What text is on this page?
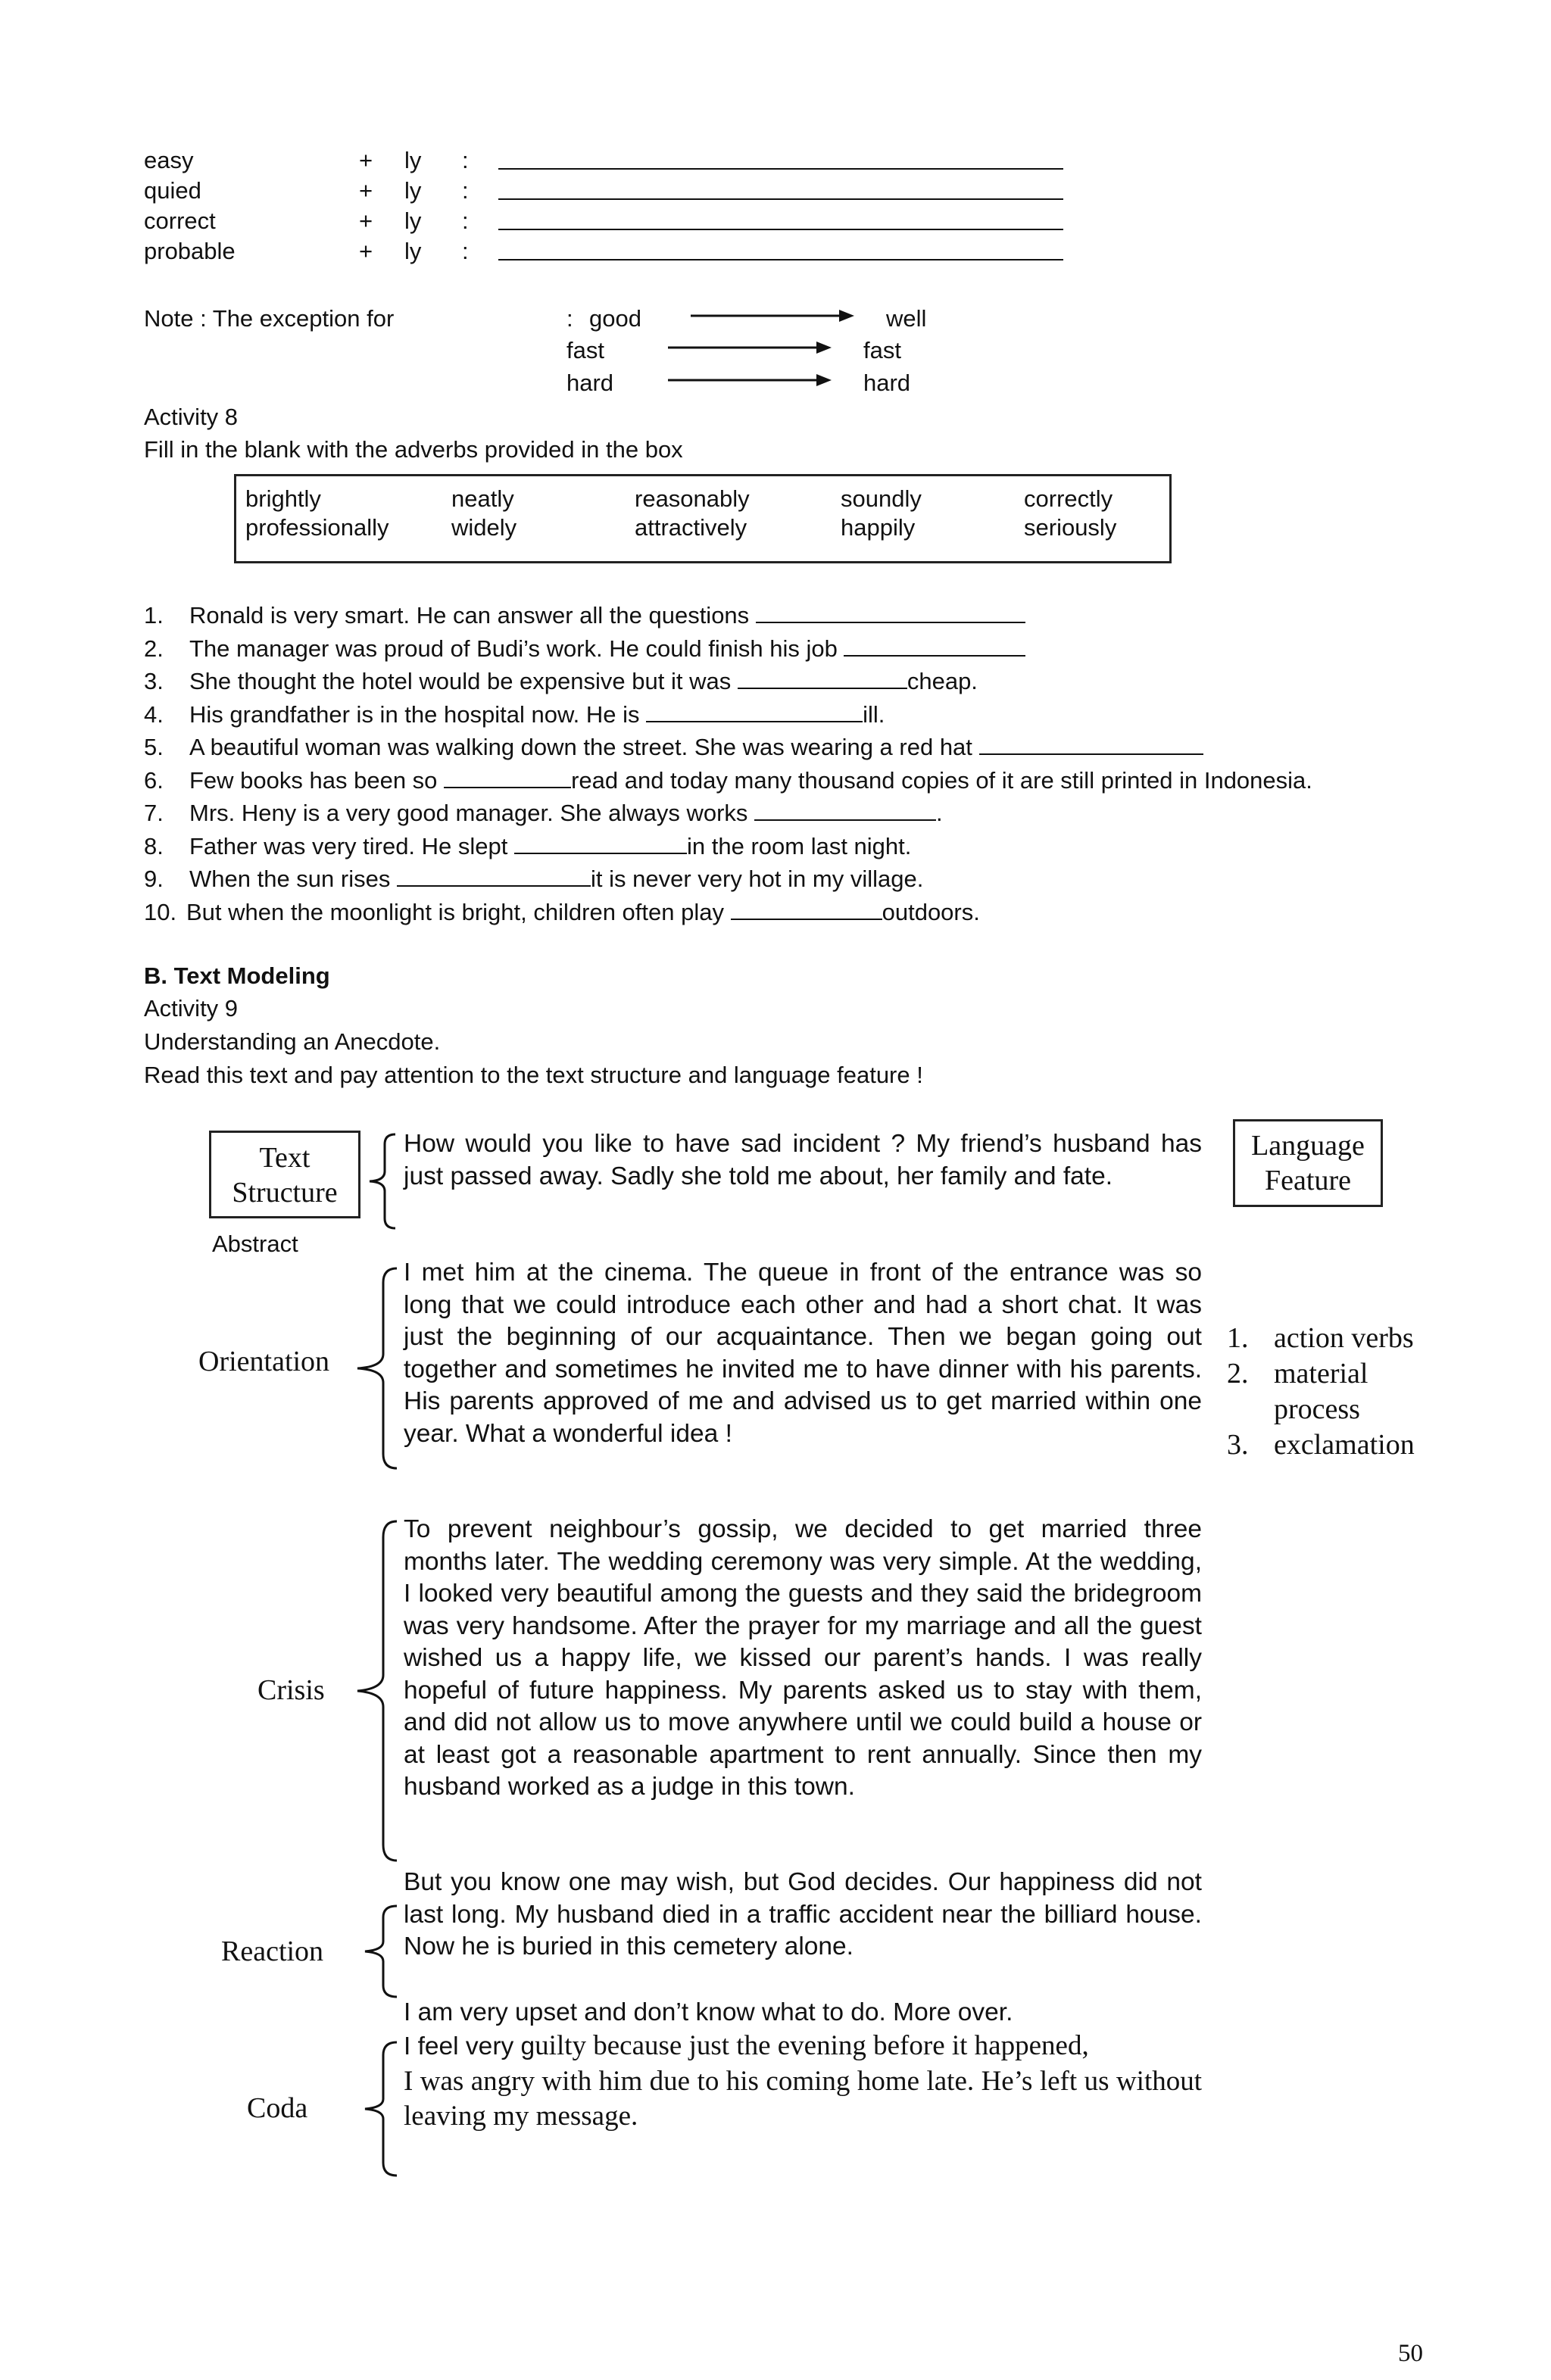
easy	+ ly :
quied	+ ly :
correct	+ ly :
probable	+ ly :
Note : The exception for	: good	well
fast	fast
hard	hard
Activity 8
Fill in the blank with the adverbs provided in the box
brightly	neatly	reasonably	soundly	correctly
professionally	widely	attractively	happily	seriously
1. Ronald is very smart. He can answer all the questions
2. The manager was proud of Budi’s work. He could finish his job
3. She thought the hotel would be expensive but it was	cheap.
4. His grandfather is in the hospital now. He is	ill.
5. A beautiful woman was walking down the street. She was wearing a red hat
6. Few books has been so	read and today many thousand copies of it are still printed in Indonesia.
7. Mrs. Heny is a very good manager. She always works	.
8. Father was very tired. He slept	in the room last night.
9. When the sun rises	it is never very hot in my village.
10. But when the moonlight is bright, children often play	outdoors.
B. Text Modeling
Activity 9
Understanding an Anecdote.
Read this text and pay attention to the text structure and language feature !
Text
Structure
Language
Feature
How would you like to have sad incident ? My friend’s husband has just passed away. Sadly she told me about, her family and fate.
Abstract
Orientation
I met him at the cinema. The queue in front of the entrance was so long that we could introduce each other and had a short chat. It was just the beginning of our acquaintance. Then we began going out together and sometimes he invited me to have dinner with his parents. His parents approved of me and advised us to get married within one year. What a wonderful idea !
1. action verbs
2. material
process
3. exclamation
Crisis
To prevent neighbour’s gossip, we decided to get married three months later. The wedding ceremony was very simple. At the wedding, I looked very beautiful among the guests and they said the bridegroom was very handsome. After the prayer for my marriage and all the guest wished us a happy life, we kissed our parent’s hands. I was really hopeful of future happiness. My parents asked us to stay with them, and did not allow us to move anywhere until we could build a house or at least got a reasonable apartment to rent annually. Since then my husband worked as a judge in this town.
Reaction
But you know one may wish, but God decides. Our happiness did not last long. My husband died in a traffic accident near the billiard house. Now he is buried in this cemetery alone.
I am very upset and don’t know what to do. More over.
Coda
I feel very guilty because just the evening before it happened,
I was angry with him due to his coming home late. He’s left us without leaving my message.
50
